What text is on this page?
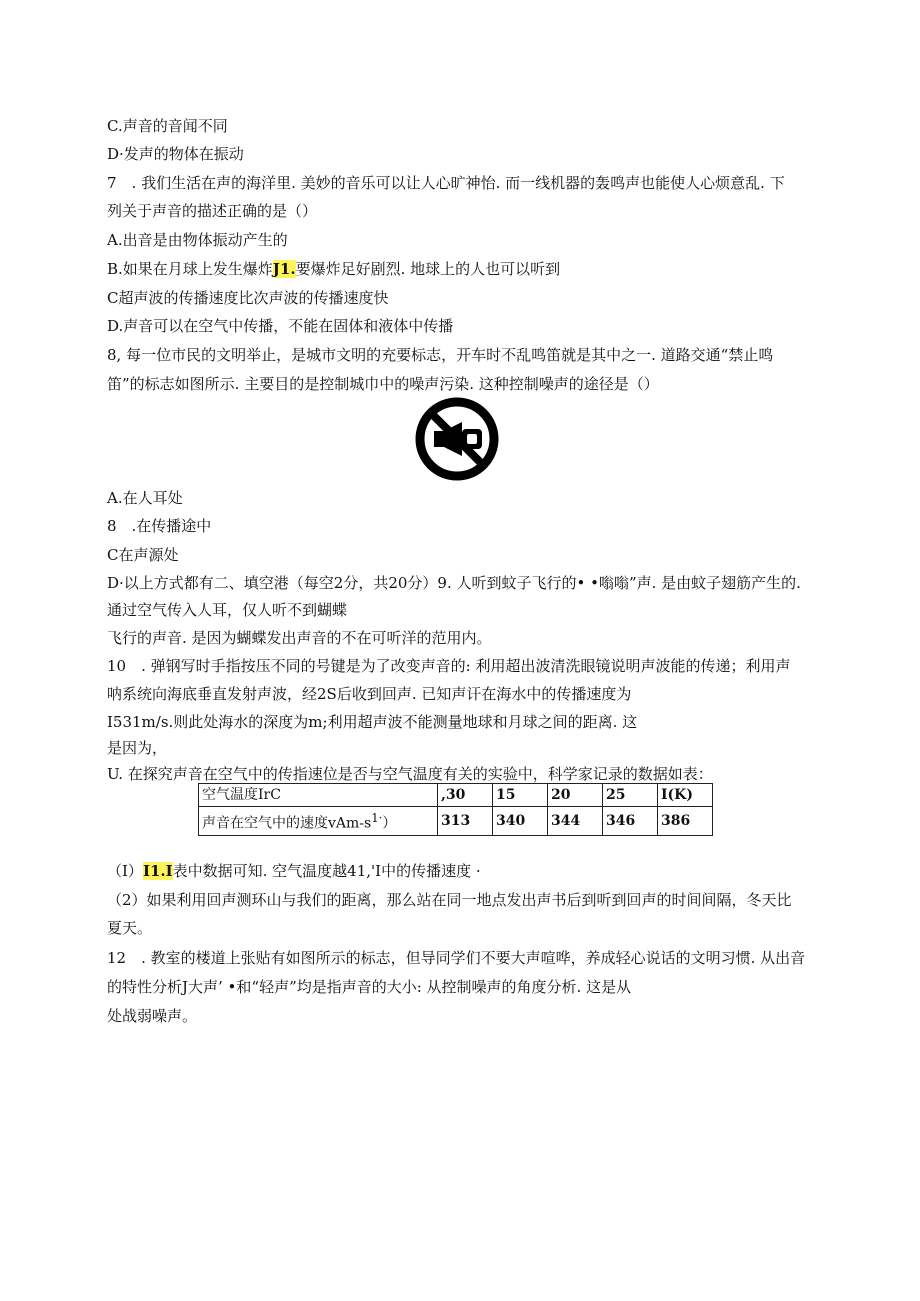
C.声音的音闻不同
D·发声的物体在振动
7　. 我们生活在声的海洋里. 美妙的音乐可以让人心旷神怡. 而一线机器的轰鸣声也能使人心烦意乱. 下
列关于声音的描述正确的是（）
A.出音是由物体振动产生的
B.如果在月球上发生爆炸J1.要爆炸足好剧烈. 地球上的人也可以听到
C超声波的传播速度比次声波的传播速度快
D.声音可以在空气中传播，不能在固体和液体中传播
8, 每一位市民的文明举止，是城市文明的充要标志，开车时不乱鸣笛就是其中之一. 道路交通“禁止鸣
笛”的标志如图所示. 主要目的是控制城巾中的噪声污染. 这种控制噪声的途径是（）
A.在人耳处
8　.在传播途中
C在声源处
D·以上方式都有二、填空港（每空2分，共20分）9. 人听到蚊子飞行的• •嗡嗡”声. 是由蚊子翅筋产生的.
通过空气传入人耳，仅人听不到蝴蝶
飞行的声音. 是因为蝴蝶发出声音的不在可听洋的范用内。
10　. 弹钢写时手指按压不同的号键是为了改变声音的: 利用超出波清洗眼镜说明声波能的传递；利用声
呐系统向海底垂直发射声波，经2S后收到回声. 已知声讦在海水中的传播速度为
I531m/s.则此处海水的深度为m;利用超声波不能测量地球和月球之间的距离. 这
是因为，
U. 在探究声音在空气中的传指速位是否与空气温度有关的实验中，科学家记录的数据如表：
空气温度IrC	,30	15	20	25	I(K)
声音在空气中的速度vAm-$s^{1\cdot}$）	313	340	344	346	386
（I）I1.I表中数据可知. 空气温度越41,'I中的传播速度 ·
（2）如果利用回声测环山与我们的距离，那么站在同一地点发出声书后到听到回声的时间间隔，冬天比
夏天。
12　. 教室的楼道上张贴有如图所示的标志，但导同学们不要大声喧哗，养成轻心说话的文明习惯. 从出音
的特性分析J大声’ •和“轻声”均是指声音的大小: 从控制噪声的角度分析. 这是从
处战弱噪声。
